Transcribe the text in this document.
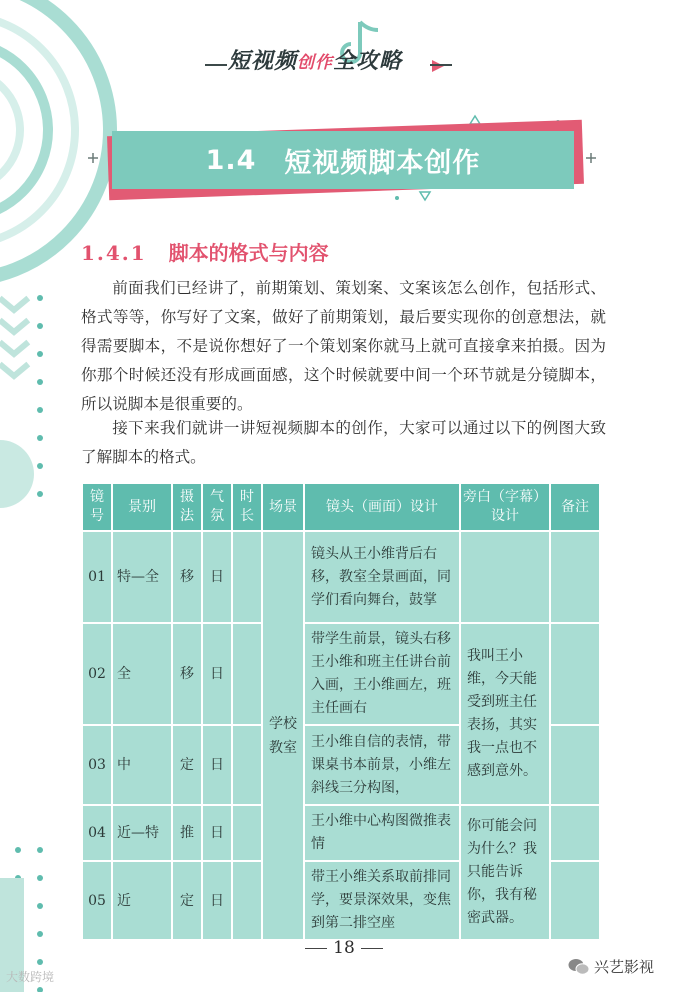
短视频创作全攻略
1.4 短视频脚本创作
1.4.1 脚本的格式与内容

前面我们已经讲了，前期策划、策划案、文案该怎么创作，包括形式、格式等等，你写好了文案，做好了前期策划，最后要实现你的创意想法，就得需要脚本，不是说你想好了一个策划案你就马上就可直接拿来拍摄。因为你那个时候还没有形成画面感，这个时候就要中间一个环节就是分镜脚本，所以说脚本是很重要的。

接下来我们就讲一讲短视频脚本的创作，大家可以通过以下的例图大致了解脚本的格式。

镜号	景别	摄法	气氛	时长	场景	镜头（画面）设计	旁白（字幕）设计	备注
01	特—全	移	日		学校教室	镜头从王小维背后右移，教室全景画面，同学们看向舞台，鼓掌		
02	全	移	日			带学生前景，镜头右移王小维和班主任讲台前入画，王小维画左，班主任画右	我叫王小维，今天能受到班主任表扬，其实我一点也不感到意外。	
03	中	定	日			王小维自信的表情，带课桌书本前景，小维左斜线三分构图，		
04	近—特	推	日			王小维中心构图微推表情	你可能会问为什么？我只能告诉你，我有秘密武器。	
05	近	定	日			带王小维关系取前排同学，要景深效果，变焦到第二排空座		
18
大数跨境
兴艺影视
